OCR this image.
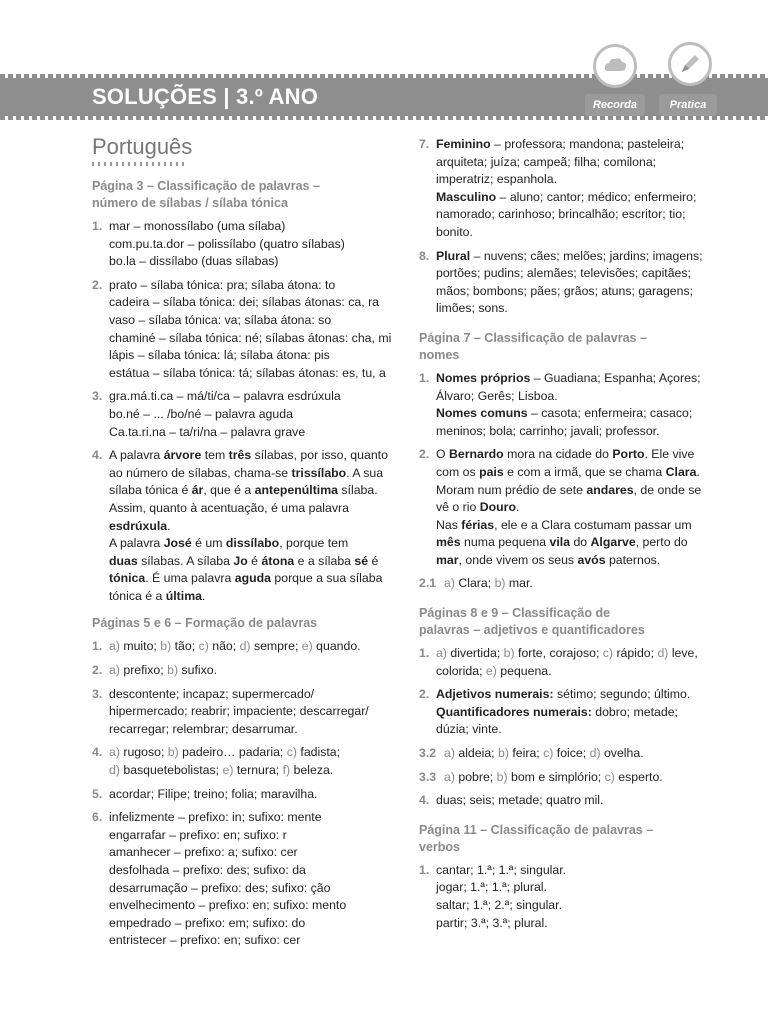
SOLUÇÕES | 3.º ANO	Recorda	Pratica
Português
Página 3 – Classificação de palavras –
número de sílabas / sílaba tónica
1. mar – monossílabo (uma sílaba)
com.pu.ta.dor – polissílabo (quatro sílabas)
bo.la – dissílabo (duas sílabas)
2. prato – sílaba tónica: pra; sílaba átona: to
cadeira – sílaba tónica: dei; sílabas átonas: ca, ra
vaso – sílaba tónica: va; sílaba átona: so
chaminé – sílaba tónica: né; sílabas átonas: cha, mi
lápis – sílaba tónica: lá; sílaba átona: pis
estátua – sílaba tónica: tá; sílabas átonas: es, tu, a
3. gra.má.ti.ca – má/ti/ca – palavra esdrúxula
bo.né – ... /bo/né – palavra aguda
Ca.ta.ri.na – ta/ri/na – palavra grave
4. A palavra árvore tem três sílabas, por isso, quanto
ao número de sílabas, chama-se trissílabo. A sua
sílaba tónica é ár, que é a antepenúltima sílaba.
Assim, quanto à acentuação, é uma palavra
esdrúxula.
A palavra José é um dissílabo, porque tem
duas sílabas. A sílaba Jo é átona e a sílaba sé é
tónica. É uma palavra aguda porque a sua sílaba
tónica é a última.
Páginas 5 e 6 – Formação de palavras
1. a) muito; b) tão; c) não; d) sempre; e) quando.
2. a) prefixo; b) sufixo.
3. descontente; incapaz; supermercado/
hipermercado; reabrir; impaciente; descarregar/
recarregar; relembrar; desarrumar.
4. a) rugoso; b) padeiro… padaria; c) fadista;
d) basquetebolistas; e) ternura; f) beleza.
5. acordar; Filipe; treino; folia; maravilha.
6. infelizmente – prefixo: in; sufixo: mente
engarrafar – prefixo: en; sufixo: r
amanhecer – prefixo: a; sufixo: cer
desfolhada – prefixo: des; sufixo: da
desarrumação – prefixo: des; sufixo: ção
envelhecimento – prefixo: en; sufixo: mento
empedrado – prefixo: em; sufixo: do
entristecer – prefixo: en; sufixo: cer
7. Feminino – professora; mandona; pasteleira;
arquiteta; juíza; campeã; filha; comilona;
imperatriz; espanhola.
Masculino – aluno; cantor; médico; enfermeiro;
namorado; carinhoso; brincalhão; escritor; tio;
bonito.
8. Plural – nuvens; cães; melões; jardins; imagens;
portões; pudins; alemães; televisões; capitães;
mãos; bombons; pães; grãos; atuns; garagens;
limões; sons.
Página 7 – Classificação de palavras –
nomes
1. Nomes próprios – Guadiana; Espanha; Açores;
Álvaro; Gerês; Lisboa.
Nomes comuns – casota; enfermeira; casaco;
meninos; bola; carrinho; javali; professor.
2. O Bernardo mora na cidade do Porto. Ele vive
com os pais e com a irmã, que se chama Clara.
Moram num prédio de sete andares, de onde se
vê o rio Douro.
Nas férias, ele e a Clara costumam passar um
mês numa pequena vila do Algarve, perto do
mar, onde vivem os seus avós paternos.
2.1 a) Clara; b) mar.
Páginas 8 e 9 – Classificação de
palavras – adjetivos e quantificadores
1. a) divertida; b) forte, corajoso; c) rápido; d) leve,
colorida; e) pequena.
2. Adjetivos numerais: sétimo; segundo; último.
Quantificadores numerais: dobro; metade;
dúzia; vinte.
3.2 a) aldeia; b) feira; c) foice; d) ovelha.
3.3 a) pobre; b) bom e simplório; c) esperto.
4. duas; seis; metade; quatro mil.
Página 11 – Classificação de palavras –
verbos
1. cantar; 1.ª; 1.ª; singular.
jogar; 1.ª; 1.ª; plural.
saltar; 1.ª; 2.ª; singular.
partir; 3.ª; 3.ª; plural.
